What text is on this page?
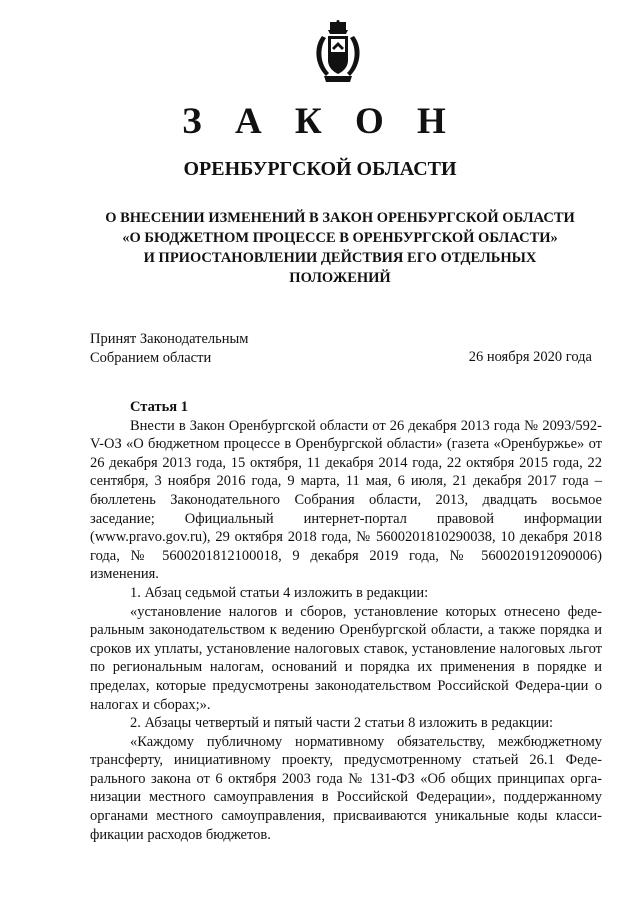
З А К О Н
ОРЕНБУРГСКОЙ ОБЛАСТИ
О ВНЕСЕНИИ ИЗМЕНЕНИЙ В ЗАКОН ОРЕНБУРГСКОЙ ОБЛАСТИ
«О БЮДЖЕТНОМ ПРОЦЕССЕ В ОРЕНБУРГСКОЙ ОБЛАСТИ»
И ПРИОСТАНОВЛЕНИИ ДЕЙСТВИЯ ЕГО ОТДЕЛЬНЫХ
ПОЛОЖЕНИЙ
Принят Законодательным
Собранием области	26 ноября 2020 года
Статья 1

Внести в Закон Оренбургской области от 26 декабря 2013 года № 2093/592-V-ОЗ «О бюджетном процессе в Оренбургской области» (газета «Оренбуржье» от 26 декабря 2013 года, 15 октября, 11 декабря 2014 года, 22 октября 2015 года, 22 сентября, 3 ноября 2016 года, 9 марта, 11 мая, 6 июля, 21 декабря 2017 года – бюллетень Законодательного Собрания области, 2013, двадцать восьмое заседание; Официальный интернет-портал правовой информации (www.pravo.gov.ru), 29 октября 2018 года, № 5600201810290038, 10 декабря 2018 года, № 5600201812100018, 9 декабря 2019 года, № 5600201912090006) изменения.

1. Абзац седьмой статьи 4 изложить в редакции:

«установление налогов и сборов, установление которых отнесено феде-ральным законодательством к ведению Оренбургской области, а также порядка и сроков их уплаты, установление налоговых ставок, установление налоговых льгот по региональным налогам, оснований и порядка их применения в порядке и пределах, которые предусмотрены законодательством Российской Федера-ции о налогах и сборах;».

2. Абзацы четвертый и пятый части 2 статьи 8 изложить в редакции:

«Каждому публичному нормативному обязательству, межбюджетному трансферту, инициативному проекту, предусмотренному статьей 26.1 Феде-рального закона от 6 октября 2003 года № 131-ФЗ «Об общих принципах орга-низации местного самоуправления в Российской Федерации», поддержанному органами местного самоуправления, присваиваются уникальные коды класси-фикации расходов бюджетов.
